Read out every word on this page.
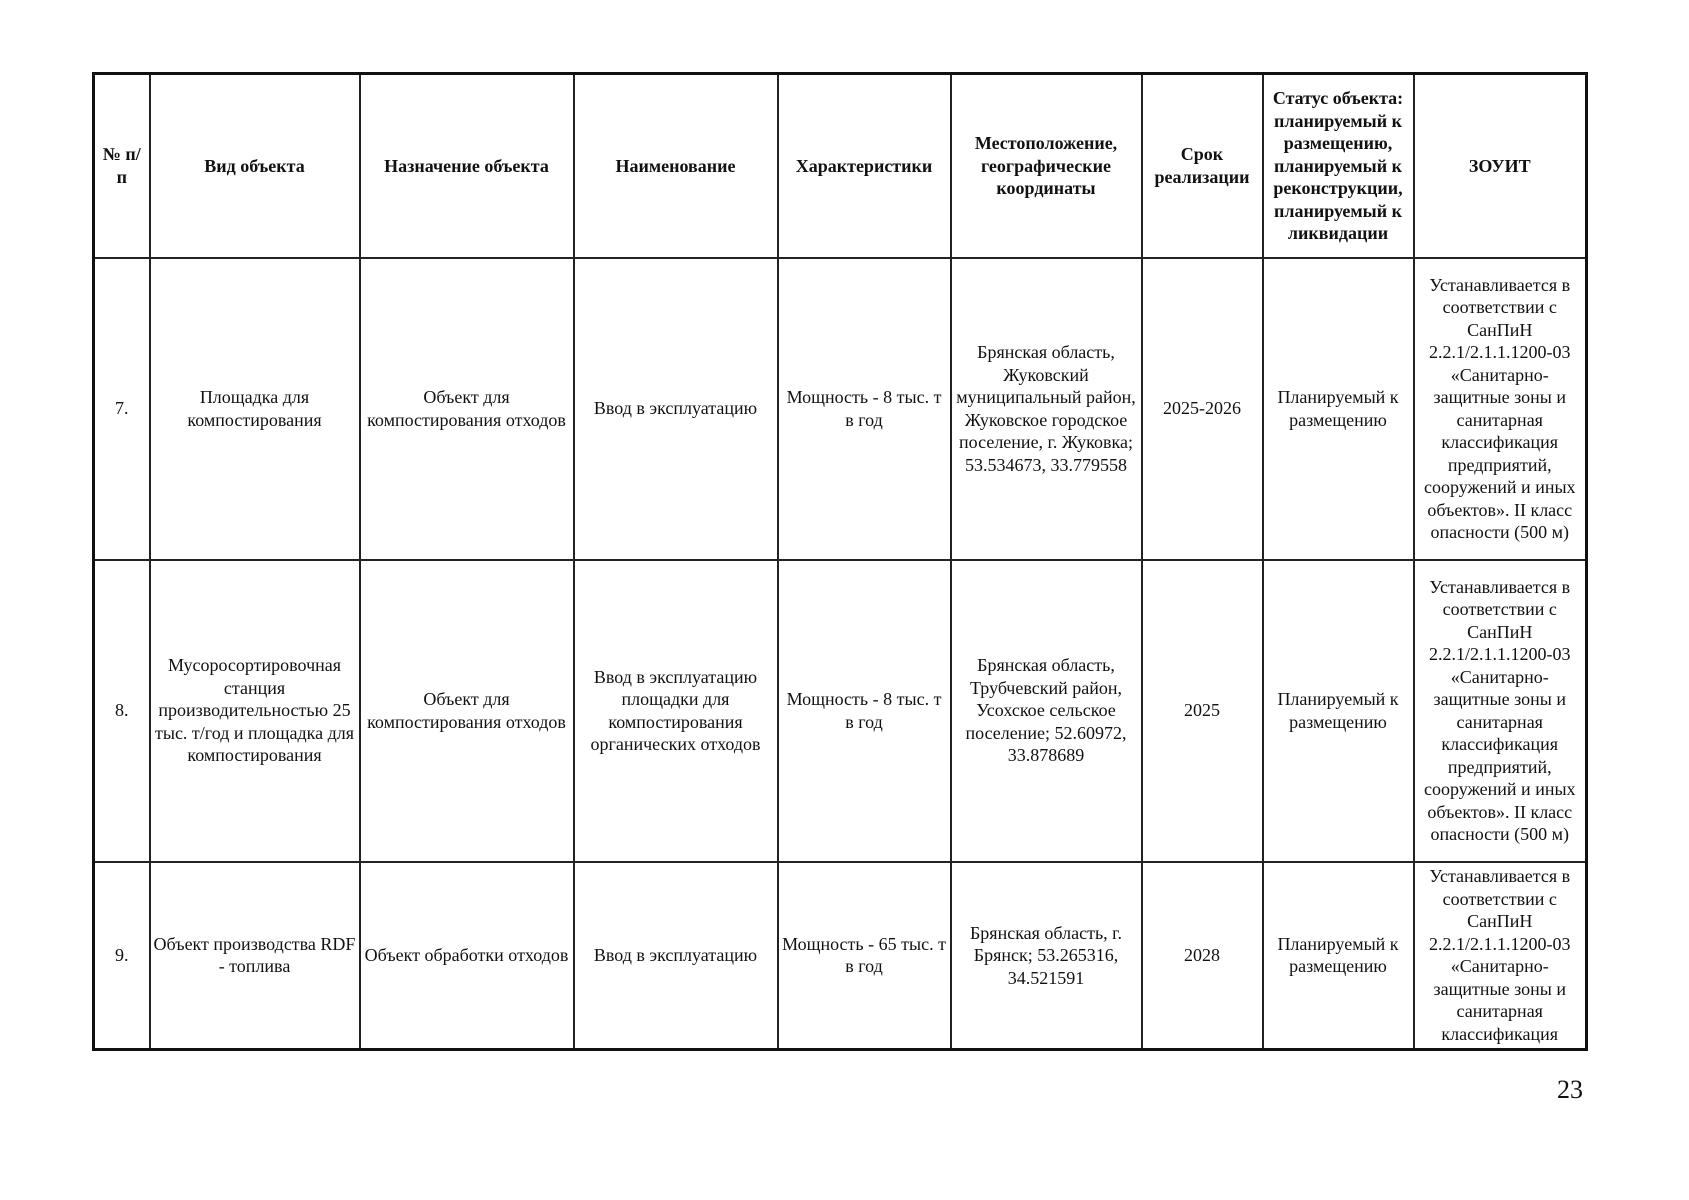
№ п/п	Вид объекта	Назначение объекта	Наименование	Характеристики	Местоположение, географические координаты	Срок реализации	Статус объекта: планируемый к размещению, планируемый к реконструкции, планируемый к ликвидации	ЗОУИТ
7.	Площадка для компостирования	Объект для компостирования отходов	Ввод в эксплуатацию	Мощность - 8 тыс. т в год	Брянская область, Жуковский муниципальный район, Жуковское городское поселение, г. Жуковка; 53.534673, 33.779558	2025-2026	Планируемый к размещению	Устанавливается в соответствии с СанПиН 2.2.1/2.1.1.1200-03 «Санитарно-защитные зоны и санитарная классификация предприятий, сооружений и иных объектов». II класс опасности (500 м)
8.	Мусоросортировочная станция производительностью 25 тыс. т/год и площадка для компостирования	Объект для компостирования отходов	Ввод в эксплуатацию площадки для компостирования органических отходов	Мощность - 8 тыс. т в год	Брянская область, Трубчевский район, Усохское сельское поселение; 52.60972, 33.878689	2025	Планируемый к размещению	Устанавливается в соответствии с СанПиН 2.2.1/2.1.1.1200-03 «Санитарно-защитные зоны и санитарная классификация предприятий, сооружений и иных объектов». II класс опасности (500 м)
9.	Объект производства RDF - топлива	Объект обработки отходов	Ввод в эксплуатацию	Мощность - 65 тыс. т в год	Брянская область, г. Брянск; 53.265316, 34.521591	2028	Планируемый к размещению	Устанавливается в соответствии с СанПиН 2.2.1/2.1.1.1200-03 «Санитарно-защитные зоны и санитарная классификация
23
